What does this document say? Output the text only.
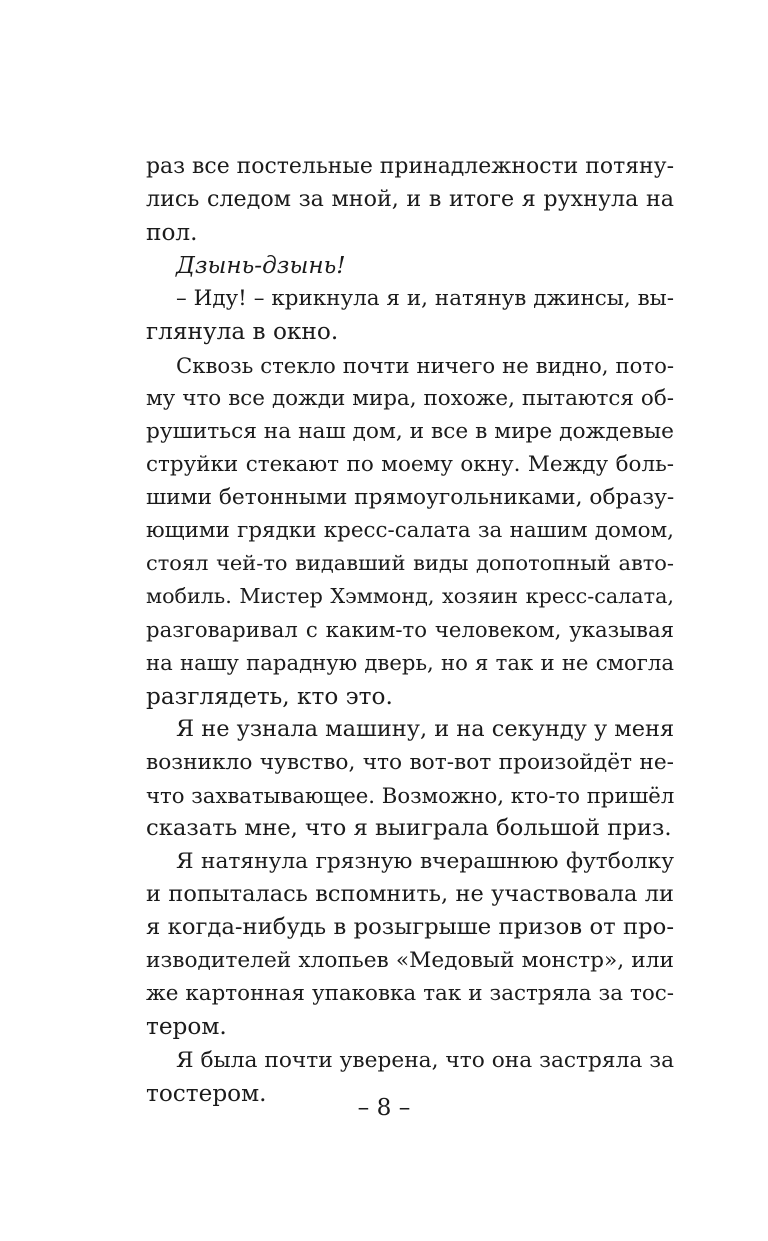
раз все постельные принадлежности потяну-
лись следом за мной, и в итоге я рухнула на
пол.
Дзынь-дзынь!
– Иду! – крикнула я и, натянув джинсы, вы-
глянула в окно.
Сквозь стекло почти ничего не видно, пото-
му что все дожди мира, похоже, пытаются об-
рушиться на наш дом, и все в мире дождевые
струйки стекают по моему окну. Между боль-
шими бетонными прямоугольниками, образу-
ющими грядки кресс-салата за нашим домом,
стоял чей-то видавший виды допотопный авто-
мобиль. Мистер Хэммонд, хозяин кресс-салата,
разговаривал с каким-то человеком, указывая
на нашу парадную дверь, но я так и не смогла
разглядеть, кто это.
Я не узнала машину, и на секунду у меня
возникло чувство, что вот-вот произойдёт не-
что захватывающее. Возможно, кто-то пришёл
сказать мне, что я выиграла большой приз.
Я натянула грязную вчерашнюю футболку
и попыталась вспомнить, не участвовала ли
я когда-нибудь в розыгрыше призов от про-
изводителей хлопьев «Медовый монстр», или
же картонная упаковка так и застряла за тос-
тером.
Я была почти уверена, что она застряла за
тостером.
– 8 –
